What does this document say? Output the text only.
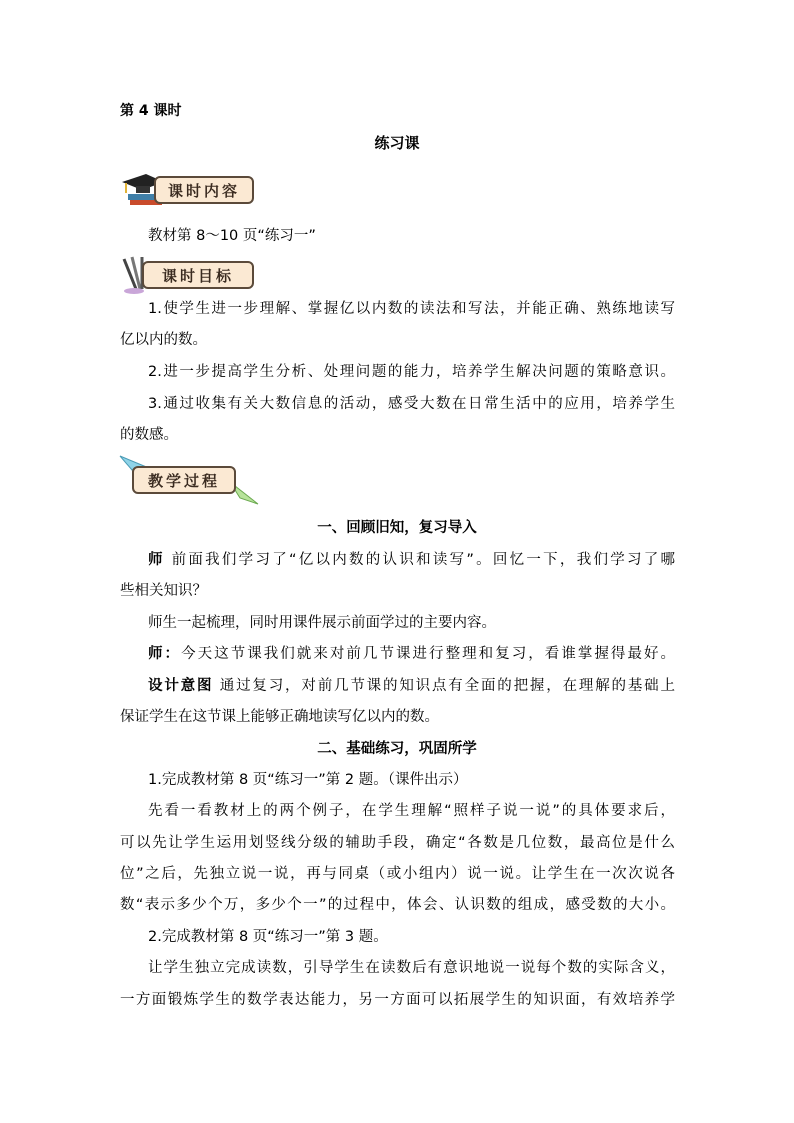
第 4 课时
练习课
课时内容
教材第 8～10 页“练习一”
课时目标
1.使学生进一步理解、掌握亿以内数的读法和写法，并能正确、熟练地读写
亿以内的数。
2.进一步提高学生分析、处理问题的能力，培养学生解决问题的策略意识。
3.通过收集有关大数信息的活动，感受大数在日常生活中的应用，培养学生
的数感。
教学过程
一、回顾旧知，复习导入
师 前面我们学习了“亿以内数的认识和读写”。回忆一下，我们学习了哪
些相关知识？
师生一起梳理，同时用课件展示前面学过的主要内容。
师：今天这节课我们就来对前几节课进行整理和复习，看谁掌握得最好。
设计意图 通过复习，对前几节课的知识点有全面的把握，在理解的基础上
保证学生在这节课上能够正确地读写亿以内的数。
二、基础练习，巩固所学
1.完成教材第 8 页“练习一”第 2 题。（课件出示）
先看一看教材上的两个例子，在学生理解“照样子说一说”的具体要求后，
可以先让学生运用划竖线分级的辅助手段，确定“各数是几位数，最高位是什么
位”之后，先独立说一说，再与同桌（或小组内）说一说。让学生在一次次说各
数“表示多少个万，多少个一”的过程中，体会、认识数的组成，感受数的大小。
2.完成教材第 8 页“练习一”第 3 题。
让学生独立完成读数，引导学生在读数后有意识地说一说每个数的实际含义，
一方面锻炼学生的数学表达能力，另一方面可以拓展学生的知识面，有效培养学
